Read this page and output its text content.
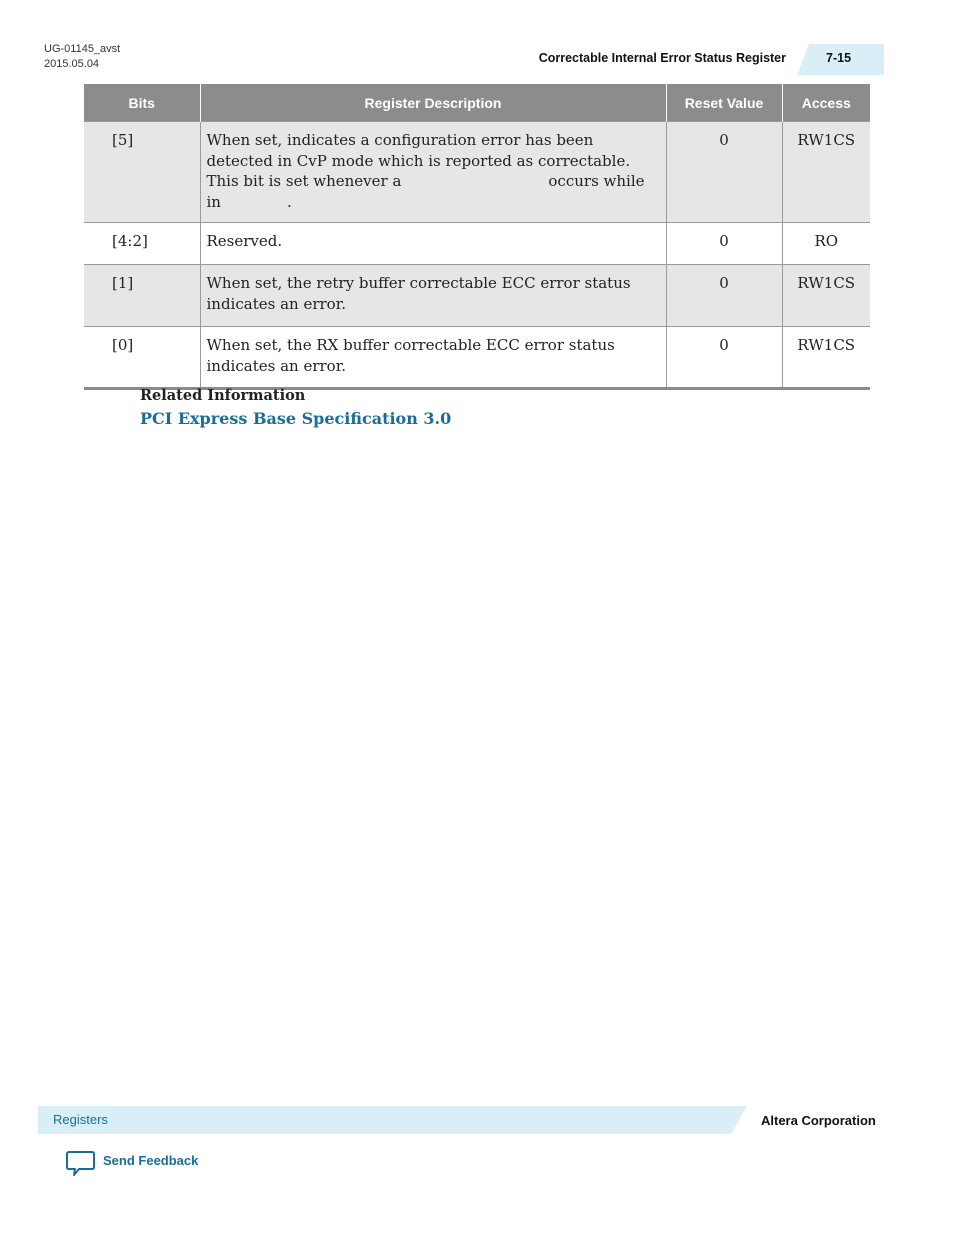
UG-01145_avst
2015.05.04	Correctable Internal Error Status Register	7-15
Bits	Register Description	Reset Value	Access
[5]	When set, indicates a configuration error has been detected in CvP mode which is reported as correctable. This bit is set whenever a occurs while in .	0	RW1CS
[4:2]	Reserved.	0	RO
[1]	When set, the retry buffer correctable ECC error status indicates an error.	0	RW1CS
[0]	When set, the RX buffer correctable ECC error status indicates an error.	0	RW1CS
Related Information
PCI Express Base Specification 3.0
Registers	Altera Corporation
Send Feedback
